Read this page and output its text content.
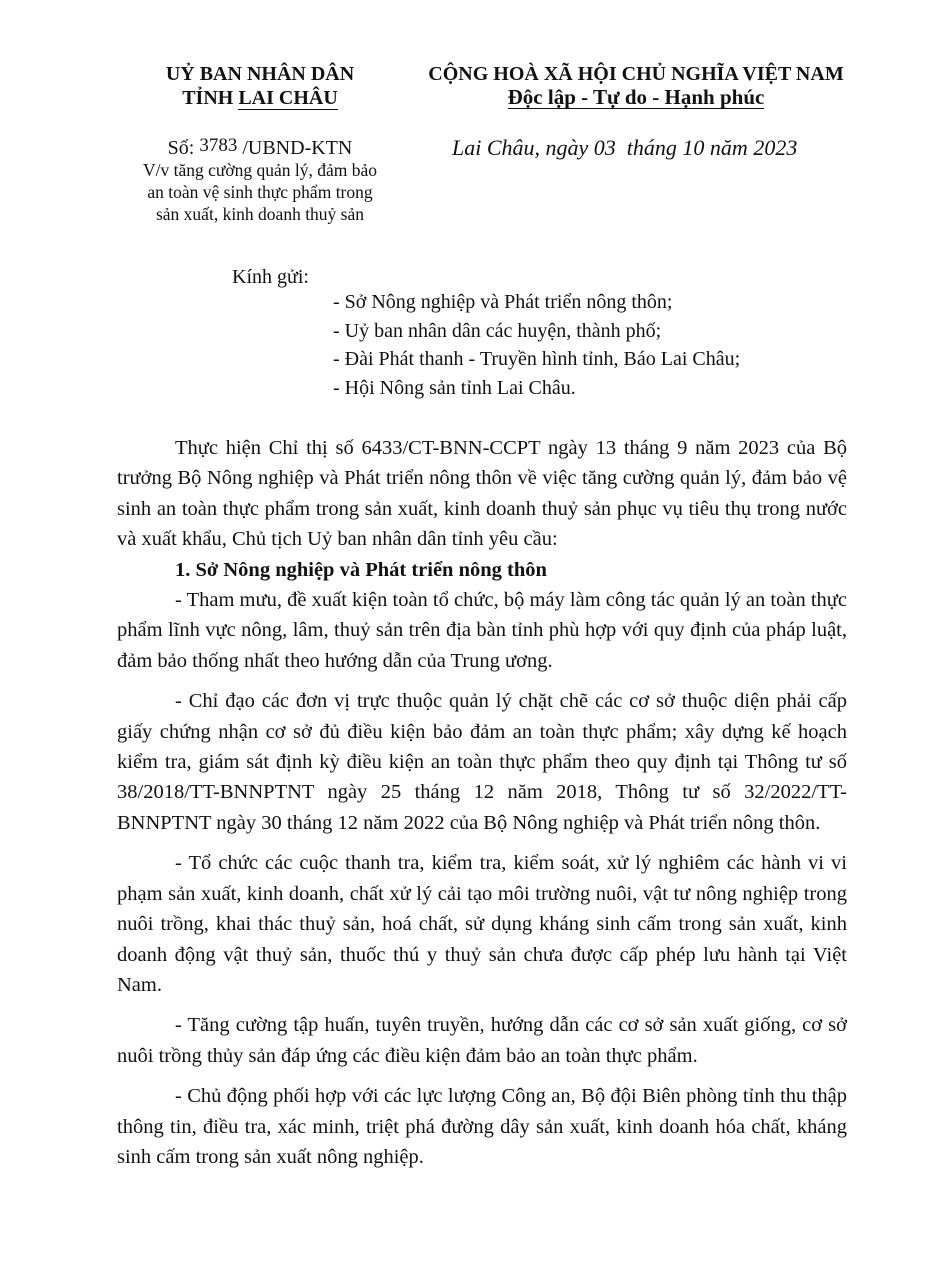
UỶ BAN NHÂN DÂN
TỈNH LAI CHÂU
CỘNG HOÀ XÃ HỘI CHỦ NGHĨA VIỆT NAM
Độc lập - Tự do - Hạnh phúc
Số: 3783 /UBND-KTN
V/v tăng cường quản lý, đảm bảo
an toàn vệ sinh thực phẩm trong
sản xuất, kinh doanh thuỷ sản
Lai Châu, ngày 03 tháng 10 năm 2023
Kính gửi:
- Sở Nông nghiệp và Phát triển nông thôn;
- Uỷ ban nhân dân các huyện, thành phố;
- Đài Phát thanh - Truyền hình tỉnh, Báo Lai Châu;
- Hội Nông sản tỉnh Lai Châu.

Thực hiện Chỉ thị số 6433/CT-BNN-CCPT ngày 13 tháng 9 năm 2023 của Bộ trưởng Bộ Nông nghiệp và Phát triển nông thôn về việc tăng cường quản lý, đảm bảo vệ sinh an toàn thực phẩm trong sản xuất, kinh doanh thuỷ sản phục vụ tiêu thụ trong nước và xuất khẩu, Chủ tịch Uỷ ban nhân dân tỉnh yêu cầu:

1. Sở Nông nghiệp và Phát triển nông thôn

- Tham mưu, đề xuất kiện toàn tổ chức, bộ máy làm công tác quản lý an toàn thực phẩm lĩnh vực nông, lâm, thuỷ sản trên địa bàn tỉnh phù hợp với quy định của pháp luật, đảm bảo thống nhất theo hướng dẫn của Trung ương.

- Chỉ đạo các đơn vị trực thuộc quản lý chặt chẽ các cơ sở thuộc diện phải cấp giấy chứng nhận cơ sở đủ điều kiện bảo đảm an toàn thực phẩm; xây dựng kế hoạch kiểm tra, giám sát định kỳ điều kiện an toàn thực phẩm theo quy định tại Thông tư số 38/2018/TT-BNNPTNT ngày 25 tháng 12 năm 2018, Thông tư số 32/2022/TT-BNNPTNT ngày 30 tháng 12 năm 2022 của Bộ Nông nghiệp và Phát triển nông thôn.

- Tổ chức các cuộc thanh tra, kiểm tra, kiểm soát, xử lý nghiêm các hành vi vi phạm sản xuất, kinh doanh, chất xử lý cải tạo môi trường nuôi, vật tư nông nghiệp trong nuôi trồng, khai thác thuỷ sản, hoá chất, sử dụng kháng sinh cấm trong sản xuất, kinh doanh động vật thuỷ sản, thuốc thú y thuỷ sản chưa được cấp phép lưu hành tại Việt Nam.

- Tăng cường tập huấn, tuyên truyền, hướng dẫn các cơ sở sản xuất giống, cơ sở nuôi trồng thủy sản đáp ứng các điều kiện đảm bảo an toàn thực phẩm.

- Chủ động phối hợp với các lực lượng Công an, Bộ đội Biên phòng tỉnh thu thập thông tin, điều tra, xác minh, triệt phá đường dây sản xuất, kinh doanh hóa chất, kháng sinh cấm trong sản xuất nông nghiệp.
